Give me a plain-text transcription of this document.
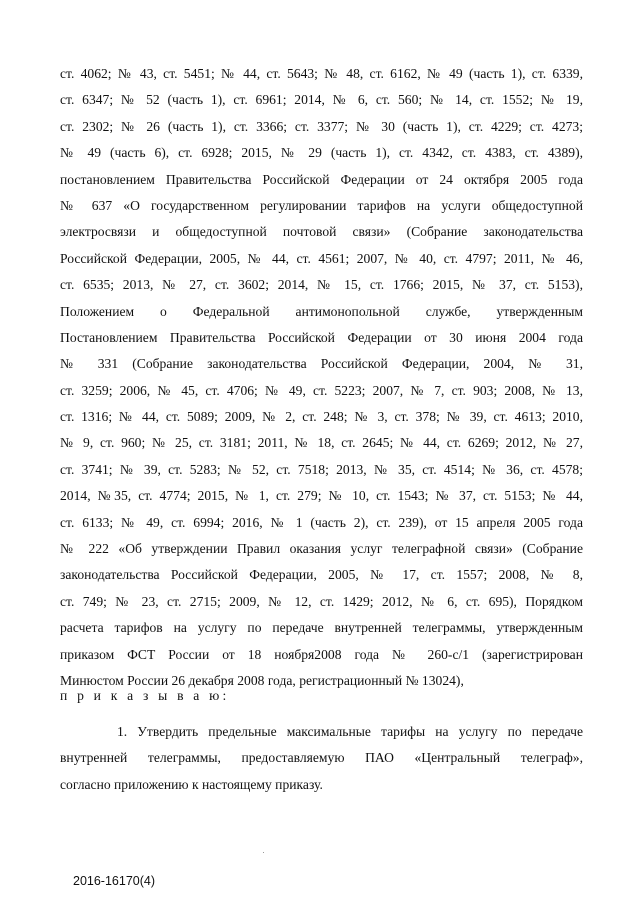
ст. 4062; № 43, ст. 5451; № 44, ст. 5643; № 48, ст. 6162, № 49 (часть 1), ст. 6339,
ст. 6347; № 52 (часть 1), ст. 6961; 2014, № 6, ст. 560; № 14, ст. 1552; № 19,
ст. 2302; № 26 (часть 1), ст. 3366; ст. 3377; № 30 (часть 1), ст. 4229; ст. 4273;
№ 49 (часть 6), ст. 6928; 2015, № 29 (часть 1), ст. 4342, ст. 4383, ст. 4389),
постановлением Правительства Российской Федерации от 24 октября 2005 года
№ 637 «О государственном регулировании тарифов на услуги общедоступной
электросвязи и общедоступной почтовой связи» (Собрание законодательства
Российской Федерации, 2005, № 44, ст. 4561; 2007, № 40, ст. 4797; 2011, № 46,
ст. 6535; 2013, № 27, ст. 3602; 2014, № 15, ст. 1766; 2015, № 37, ст. 5153),
Положением о Федеральной антимонопольной службе, утвержденным
Постановлением Правительства Российской Федерации от 30 июня 2004 года
№ 331 (Собрание законодательства Российской Федерации, 2004, № 31,
ст. 3259; 2006, № 45, ст. 4706; № 49, ст. 5223; 2007, № 7, ст. 903; 2008, № 13,
ст. 1316; № 44, ст. 5089; 2009, № 2, ст. 248; № 3, ст. 378; № 39, ст. 4613; 2010,
№ 9, ст. 960; № 25, ст. 3181; 2011, № 18, ст. 2645; № 44, ст. 6269; 2012, № 27,
ст. 3741; № 39, ст. 5283; № 52, ст. 7518; 2013, № 35, ст. 4514; № 36, ст. 4578;
2014, №35, ст. 4774; 2015, № 1, ст. 279; № 10, ст. 1543; № 37, ст. 5153; № 44,
ст. 6133; № 49, ст. 6994; 2016, № 1 (часть 2), ст. 239), от 15 апреля 2005 года
№ 222 «Об утверждении Правил оказания услуг телеграфной связи» (Собрание
законодательства Российской Федерации, 2005, № 17, ст. 1557; 2008, № 8,
ст. 749; № 23, ст. 2715; 2009, № 12, ст. 1429; 2012, № 6, ст. 695), Порядком
расчета тарифов на услугу по передаче внутренней телеграммы, утвержденным
приказом ФСТ России от 18 ноября2008 года № 260-с/1 (зарегистрирован
Минюстом России 26 декабря 2008 года, регистрационный № 13024),
п р и к а з ы в а ю:
1. Утвердить предельные максимальные тарифы на услугу по передаче
внутренней телеграммы, предоставляемую ПАО «Центральный телеграф»,
согласно приложению к настоящему приказу.
2016-16170(4)
